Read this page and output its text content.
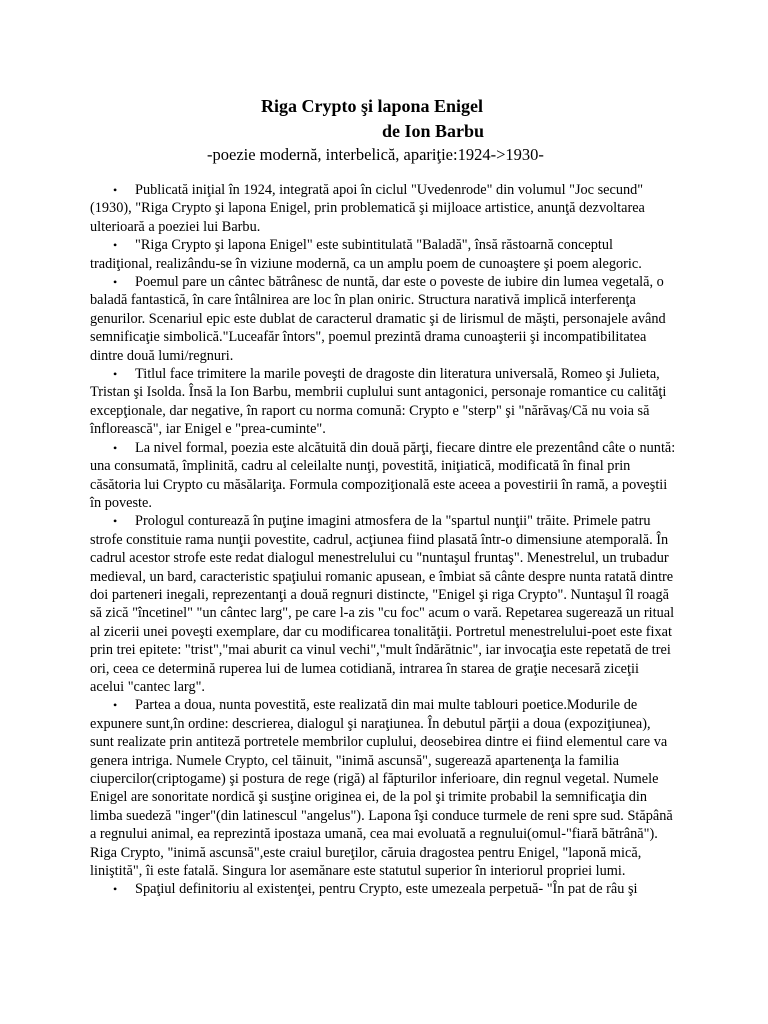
Riga Crypto şi lapona Enigel
de Ion Barbu
-poezie modernă, interbelică, apariţie:1924->1930-
• Publicată iniţial în 1924, integrată apoi în ciclul "Uvedenrode" din volumul "Joc secund" (1930), "Riga Crypto şi lapona Enigel, prin problematică şi mijloace artistice, anunţă dezvoltarea ulterioară a poeziei lui Barbu.
• "Riga Crypto şi lapona Enigel" este subintitulată "Baladă", însă răstoarnă conceptul tradiţional, realizându-se în viziune modernă, ca un amplu poem de cunoaştere şi poem alegoric.
• Poemul pare un cântec bătrânesc de nuntă, dar este o poveste de iubire din lumea vegetală, o baladă fantastică, în care întâlnirea are loc în plan oniric. Structura narativă implică interferenţa genurilor. Scenariul epic este dublat de caracterul dramatic şi de lirismul de măşti, personajele având semnificaţie simbolică."Luceafăr întors", poemul prezintă drama cunoaşterii şi incompatibilitatea dintre două lumi/regnuri.
• Titlul face trimitere la marile poveşti de dragoste din literatura universală, Romeo şi Julieta, Tristan şi Isolda. Însă la Ion Barbu, membrii cuplului sunt antagonici, personaje romantice cu calităţi excepţionale, dar negative, în raport cu norma comună: Crypto e "sterp" şi "nărăvaş/Că nu voia să înflorească", iar Enigel e "prea-cuminte".
• La nivel formal, poezia este alcătuită din două părţi, fiecare dintre ele prezentând câte o nuntă: una consumată, împlinită, cadru al celeilalte nunţi, povestită, iniţiatică, modificată în final prin căsătoria lui Crypto cu măsălariţa. Formula compoziţională este aceea a povestirii în ramă, a poveştii în poveste.
• Prologul conturează în puţine imagini atmosfera de la "spartul nunţii" trăite. Primele patru strofe constituie rama nunţii povestite, cadrul, acţiunea fiind plasată într-o dimensiune atemporală. În cadrul acestor strofe este redat dialogul menestrelului cu "nuntaşul fruntaş". Menestrelul, un trubadur medieval, un bard, caracteristic spaţiului romanic apusean, e îmbiat să cânte despre nunta ratată dintre doi parteneri inegali, reprezentanţi a două regnuri distincte, "Enigel şi riga Crypto". Nuntaşul îl roagă să zică "încetinel" "un cântec larg", pe care l-a zis "cu foc" acum o vară. Repetarea sugerează un ritual al zicerii unei poveşti exemplare, dar cu modificarea tonalităţii. Portretul menestrelului-poet este fixat prin trei epitete: "trist","mai aburit ca vinul vechi","mult îndărătnic", iar invocaţia este repetată de trei ori, ceea ce determină ruperea lui de lumea cotidiană, intrarea în starea de graţie necesară ziceţii acelui "cantec larg".
• Partea a doua, nunta povestită, este realizată din mai multe tablouri poetice.Modurile de expunere sunt,în ordine: descrierea, dialogul şi naraţiunea. În debutul părţii a doua (expoziţiunea), sunt realizate prin antiteză portretele membrilor cuplului, deosebirea dintre ei fiind elementul care va genera intriga. Numele Crypto, cel tăinuit, "inimă ascunsă", sugerează apartenenţa la familia ciupercilor(criptogame) şi postura de rege (rigă) al făpturilor inferioare, din regnul vegetal. Numele Enigel are sonoritate nordică şi susţine originea ei, de la pol şi trimite probabil la semnificaţia din limba suedeză "inger"(din latinescul "angelus"). Lapona îşi conduce turmele de reni spre sud. Stăpână a regnului animal, ea reprezintă ipostaza umană, cea mai evoluată a regnului(omul-"fiară bătrână"). Riga Crypto, "inimă ascunsă",este craiul bureţilor, căruia dragostea pentru Enigel, "laponă mică, liniştită", îi este fatală. Singura lor asemănare este statutul superior în interiorul propriei lumi.
• Spaţiul definitoriu al existenţei, pentru Crypto, este umezeala perpetuă- "În pat de râu şi
